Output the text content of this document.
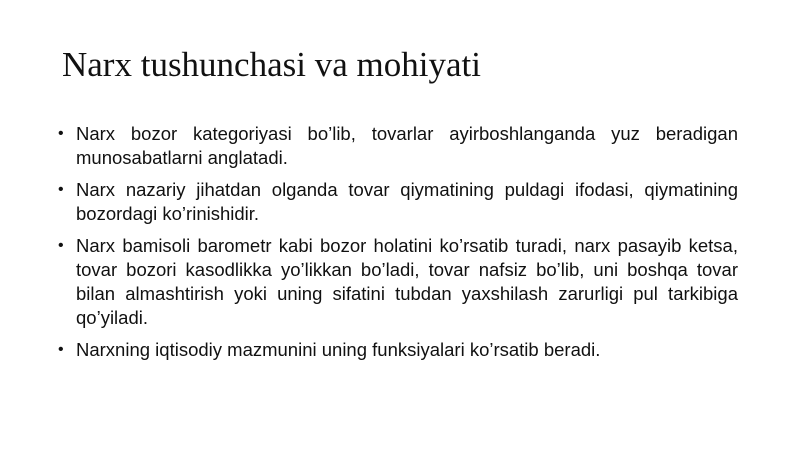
Narx tushunchasi va mohiyati
• Narx bozor kategoriyasi bo’lib, tovarlar ayirboshlanganda yuz beradigan munosabatlarni anglatadi.
• Narx nazariy jihatdan olganda tovar qiymatining puldagi ifodasi, qiymatining bozordagi ko’rinishidir.
• Narx bamisoli barometr kabi bozor holatini ko’rsatib turadi, narx pasayib ketsa, tovar bozori kasodlikka yo’likkan bo’ladi, tovar nafsiz bo’lib, uni boshqa tovar bilan almashtirish yoki uning sifatini tubdan yaxshilash zarurligi pul tarkibiga qo’yiladi.
• Narxning iqtisodiy mazmunini uning funksiyalari ko’rsatib beradi.
